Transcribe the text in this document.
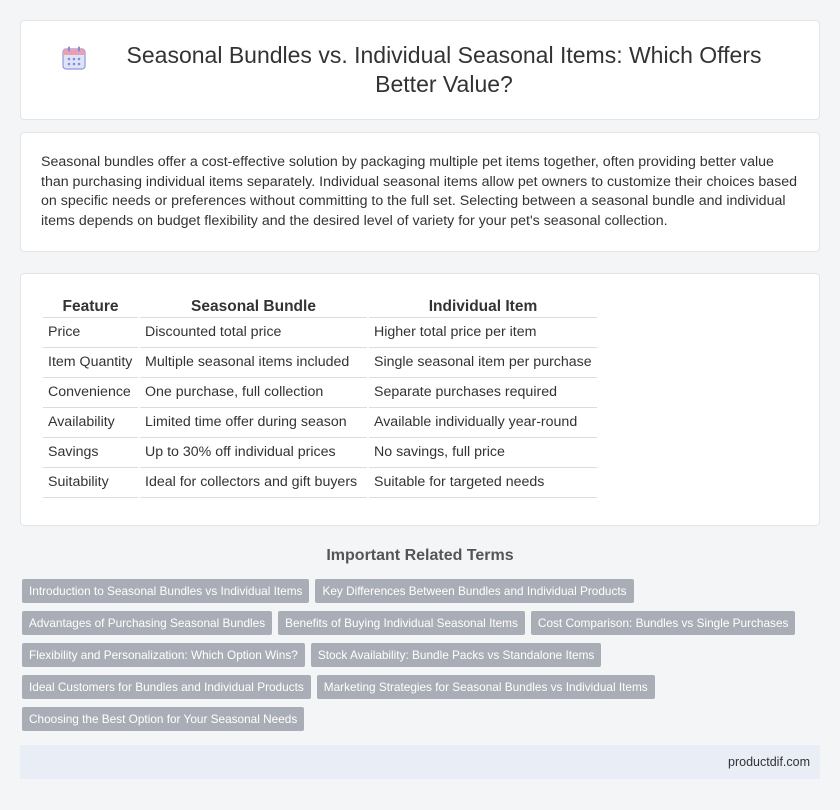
Seasonal Bundles vs. Individual Seasonal Items: Which Offers Better Value?

Seasonal bundles offer a cost-effective solution by packaging multiple pet items together, often providing better value than purchasing individual items separately. Individual seasonal items allow pet owners to customize their choices based on specific needs or preferences without committing to the full set. Selecting between a seasonal bundle and individual items depends on budget flexibility and the desired level of variety for your pet's seasonal collection.

Feature	Seasonal Bundle	Individual Item
Price	Discounted total price	Higher total price per item
Item Quantity	Multiple seasonal items included	Single seasonal item per purchase
Convenience	One purchase, full collection	Separate purchases required
Availability	Limited time offer during season	Available individually year-round
Savings	Up to 30% off individual prices	No savings, full price
Suitability	Ideal for collectors and gift buyers	Suitable for targeted needs
Important Related Terms
Introduction to Seasonal Bundles vs Individual Items	Key Differences Between Bundles and Individual Products
Advantages of Purchasing Seasonal Bundles	Benefits of Buying Individual Seasonal Items	Cost Comparison: Bundles vs Single Purchases
Flexibility and Personalization: Which Option Wins?	Stock Availability: Bundle Packs vs Standalone Items
Ideal Customers for Bundles and Individual Products	Marketing Strategies for Seasonal Bundles vs Individual Items
Choosing the Best Option for Your Seasonal Needs
productdif.com
